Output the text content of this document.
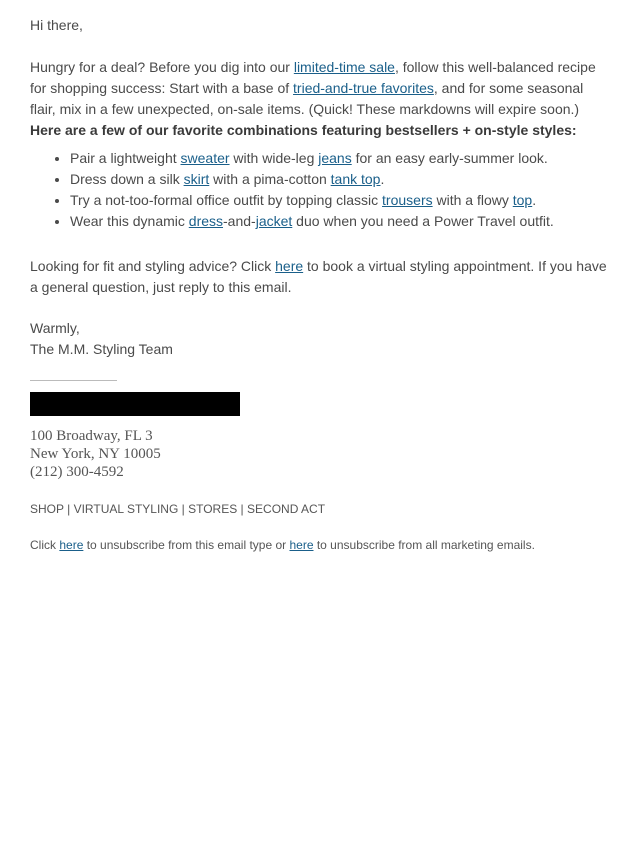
Hi there,

Hungry for a deal? Before you dig into our limited-time sale, follow this well-balanced recipe for shopping success: Start with a base of tried-and-true favorites, and for some seasonal flair, mix in a few unexpected, on-sale items. (Quick! These markdowns will expire soon.)

Here are a few of our favorite combinations featuring bestsellers + on-style styles:

• Pair a lightweight sweater with wide-leg jeans for an easy early-summer look.
• Dress down a silk skirt with a pima-cotton tank top.
• Try a not-too-formal office outfit by topping classic trousers with a flowy top.
• Wear this dynamic dress-and-jacket duo when you need a Power Travel outfit.

Looking for fit and styling advice? Click here to book a virtual styling appointment. If you have a general question, just reply to this email.

Warmly,

The M.M. Styling Team

100 Broadway, FL 3
New York, NY 10005
(212) 300-4592
SHOP | VIRTUAL STYLING | STORES | SECOND ACT
Click here to unsubscribe from this email type or here to unsubscribe from all marketing emails.
